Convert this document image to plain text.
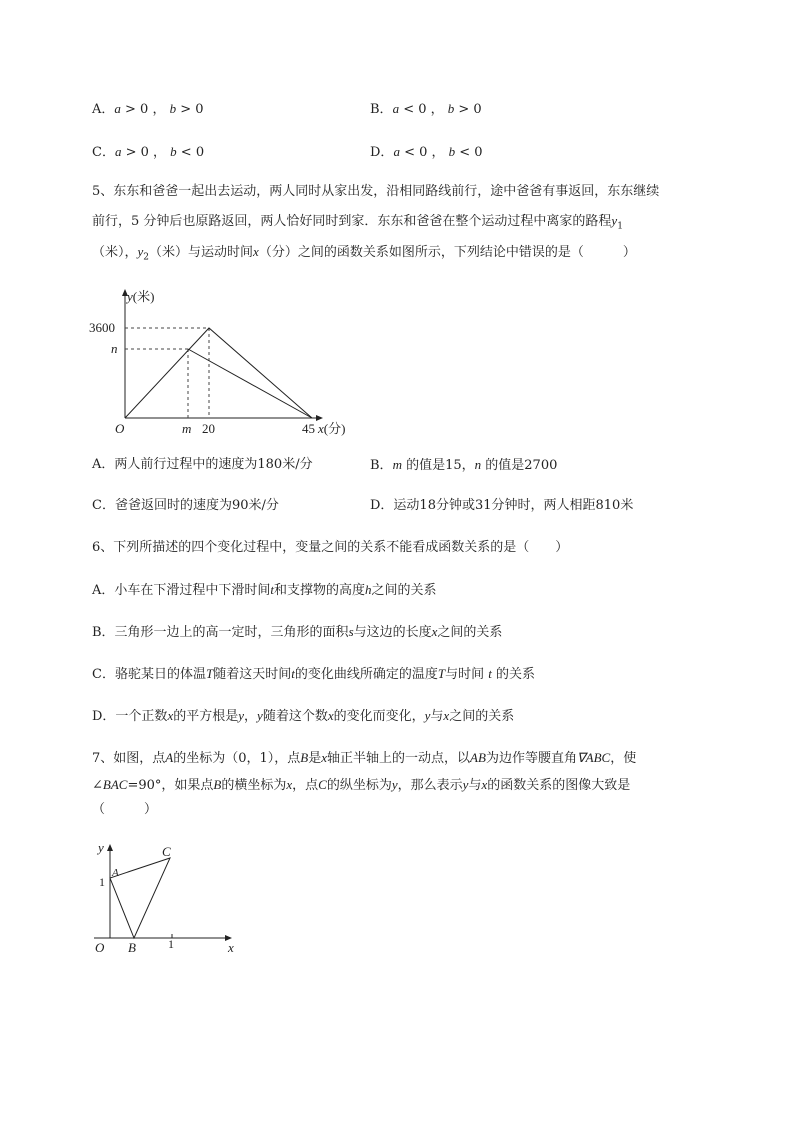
A．a > 0 ， b > 0	B．a < 0 ， b > 0
C．a > 0 ， b < 0	D．a < 0 ， b < 0
5、东东和爸爸一起出去运动，两人同时从家出发，沿相同路线前行，途中爸爸有事返回，东东继续
前行，5 分钟后也原路返回，两人恰好同时到家．东东和爸爸在整个运动过程中离家的路程$y_1$
（米），$y_2$（米）与运动时间x（分）之间的函数关系如图所示，下列结论中错误的是（　　　）
y(米)
3600
n
O	m 20	45 x(分)
A．两人前行过程中的速度为180米/分	B．m 的值是15，n 的值是2700
C．爸爸返回时的速度为90米/分	D．运动18分钟或31分钟时，两人相距810米
6、下列所描述的四个变化过程中，变量之间的关系不能看成函数关系的是（　　）
A．小车在下滑过程中下滑时间t和支撑物的高度h之间的关系
B．三角形一边上的高一定时，三角形的面积s与这边的长度x之间的关系
C．骆驼某日的体温T随着这天时间t的变化曲线所确定的温度T与时间 t 的关系
D．一个正数x的平方根是y，y随着这个数x的变化而变化，y与x之间的关系
7、如图，点A的坐标为（0，1），点B是x轴正半轴上的一动点，以AB为边作等腰直角∇ABC，使
∠BAC=90°，如果点B的横坐标为x，点C的纵坐标为y，那么表示y与x的函数关系的图像大致是
（　　　）
y
A
1
C
O B	1	x
